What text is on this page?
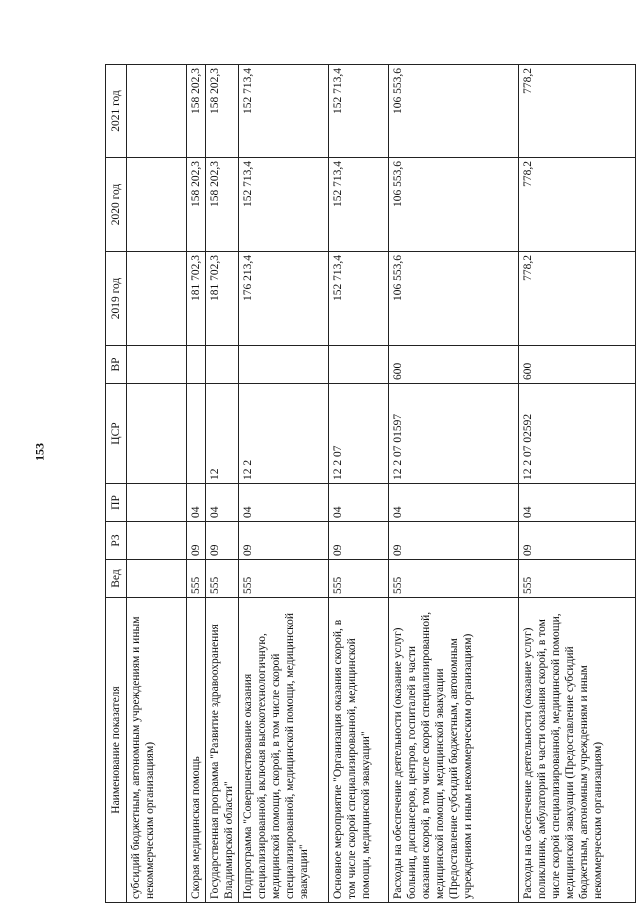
153
Наименование показателя	Вед	РЗ	ПР	ЦСР	ВР	2019 год	2020 год	2021 год
субсидий бюджетным, автономным учреждениям и иным некоммерческим организациям)								
Скорая медицинская помощь	555	09	04			181 702,3	158 202,3	158 202,3
Государственная программа "Развитие здравоохранения Владимирской области"	555	09	04	12		181 702,3	158 202,3	158 202,3
Подпрограмма "Совершенствование оказания специализированной, включая высокотехнологичную, медицинской помощи, скорой, в том числе скорой специализированной, медицинской помощи, медицинской эвакуации"	555	09	04	12 2		176 213,4	152 713,4	152 713,4
Основное мероприятие "Организация оказания скорой, в том числе скорой специализированной, медицинской помощи, медицинской эвакуации"	555	09	04	12 2 07		152 713,4	152 713,4	152 713,4
Расходы на обеспечение деятельности (оказание услуг) больниц, диспансеров, центров, госпиталей в части оказания скорой, в том числе скорой специализированной, медицинской помощи, медицинской эвакуации (Предоставление субсидий бюджетным, автономным учреждениям и иным некоммерческим организациям)	555	09	04	12 2 07 01597	600	106 553,6	106 553,6	106 553,6
Расходы на обеспечение деятельности (оказание услуг) поликлиник, амбулаторий в части оказания скорой, в том числе скорой специализированной, медицинской помощи, медицинской эвакуации (Предоставление субсидий бюджетным, автономным учреждениям и иным некоммерческим организациям)	555	09	04	12 2 07 02592	600	778,2	778,2	778,2
